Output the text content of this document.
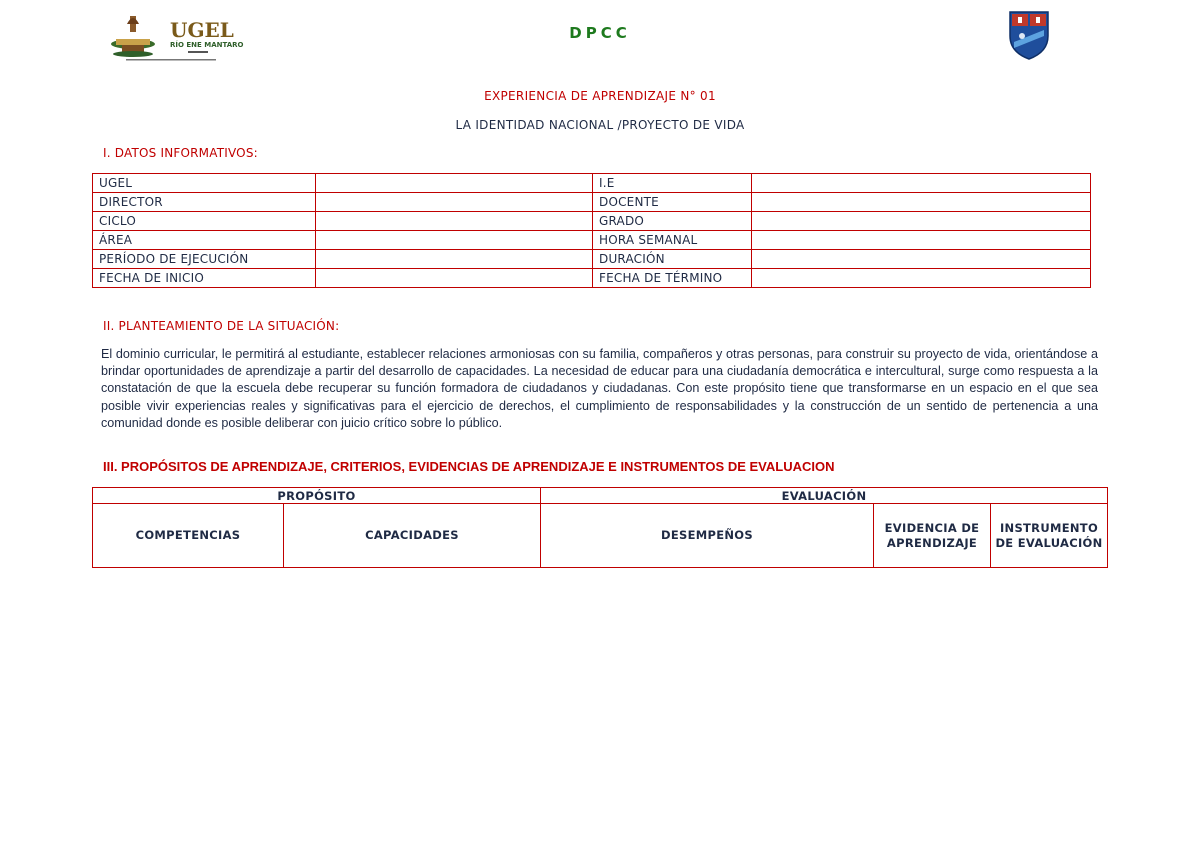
UGEL
RÍO ENE MANTARO
DPCC
EXPERIENCIA DE APRENDIZAJE N° 01
LA IDENTIDAD NACIONAL /PROYECTO DE VIDA
I. DATOS INFORMATIVOS:
UGEL		I.E	
DIRECTOR		DOCENTE	
CICLO		GRADO	
ÁREA		HORA SEMANAL	
PERÍODO DE EJECUCIÓN		DURACIÓN	
FECHA DE INICIO		FECHA DE TÉRMINO	
II. PLANTEAMIENTO DE LA SITUACIÓN:
El dominio curricular, le permitirá al estudiante, establecer relaciones armoniosas con su familia, compañeros y otras personas, para construir su proyecto de vida, orientándose a brindar oportunidades de aprendizaje a partir del desarrollo de capacidades. La necesidad de educar para una ciudadanía democrática e intercultural, surge como respuesta a la constatación de que la escuela debe recuperar su función formadora de ciudadanos y ciudadanas. Con este propósito tiene que transformarse en un espacio en el que sea posible vivir experiencias reales y significativas para el ejercicio de derechos, el cumplimiento de responsabilidades y la construcción de un sentido de pertenencia a una comunidad donde es posible deliberar con juicio crítico sobre lo público.
III. PROPÓSITOS DE APRENDIZAJE, CRITERIOS, EVIDENCIAS DE APRENDIZAJE E INSTRUMENTOS DE EVALUACION
PROPÓSITO		EVALUACIÓN		
COMPETENCIAS	CAPACIDADES	DESEMPEÑOS	EVIDENCIA DE APRENDIZAJE	INSTRUMENTO DE EVALUACIÓN
